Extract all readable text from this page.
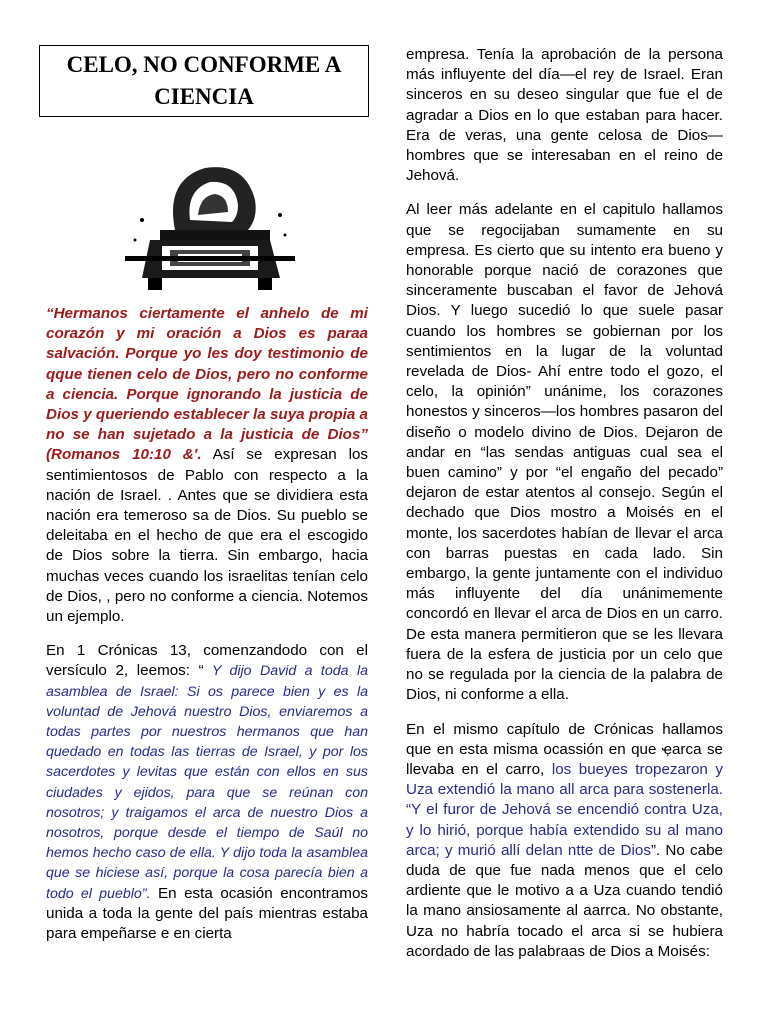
CELO, NO CONFORME A CIENCIA

“Hermanos ciertamente el anhelo de mi corazón y mi oración a Dios es paraa salvación. Porque yo les doy testimonio de qque tienen celo de Dios, pero no conforme a ciencia. Porque ignorando la justicia de Dios y queriendo establecer la suya propia a no se han sujetado a la justicia de Dios” (Romanos 10:10 &'. Así se expresan los sentimientosos de Pablo con respecto a la nación de Israel. . Antes que se dividiera esta nación era temeroso sa de Dios. Su pueblo se deleitaba en el hecho de que era el escogido de Dios sobre la tierra. Sin embargo, hacia muchas veces cuando los israelitas tenían celo de Dios, , pero no conforme a ciencia. Notemos un ejemplo.

En 1 Crónicas 13, comenzandodo con el versículo 2, leemos: “ Y dijo David a toda la asamblea de Israel: Si os parece bien y es la voluntad de Jehová nuestro Dios, enviaremos a todas partes por nuestros hermanos que han quedado en todas las tierras de Israel, y por los sacerdotes y levitas que están con ellos en sus ciudades y ejidos, para que se reúnan con nosotros; y traigamos el arca de nuestro Dios a nosotros, porque desde el tiempo de Saúl no hemos hecho caso de ella. Y dijo toda la asamblea que se hiciese así, porque la cosa parecía bien a todo el pueblo”. En esta ocasión encontramos unida a toda la gente del país mientras estaba para empeñarse e en cierta

empresa. Tenía la aprobación de la persona más influyente del día—el rey de Israel. Eran sinceros en su deseo singular que fue el de agradar a Dios en lo que estaban para hacer. Era de veras, una gente celosa de Dios—hombres que se interesaban en el reino de Jehová.

Al leer más adelante en el capitulo hallamos que se regocijaban sumamente en su empresa. Es cierto que su intento era bueno y honorable porque nació de corazones que sinceramente buscaban el favor de Jehová Dios. Y luego sucedió lo que suele pasar cuando los hombres se gobiernan por los sentimientos en la lugar de la voluntad revelada de Dios- Ahí entre todo el gozo, el celo, la opinión” unánime, los corazones honestos y sinceros—los hombres pasaron del diseño o modelo divino de Dios. Dejaron de andar en “las sendas antiguas cual sea el buen camino” y por “el engaño del pecado” dejaron de estar atentos al consejo. Según el dechado que Dios mostro a Moisés en el monte, los sacerdotes habían de llevar el arca con barras puestas en cada lado. Sin embargo, la gente juntamente con el individuo más influyente del día unánimemente concordó en llevar el arca de Dios en un carro. De esta manera permitieron que se les llevara fuera de la esfera de justicia por un celo que no se regulada por la ciencia de la palabra de Dios, ni conforme a ella.

En el mismo capítulo de Crónicas hallamos que en esta misma ocassión en que ҿarca se llevaba en el carro, los bueyes tropezaron y Uza extendió la mano all arca para sostenerla. “Y el furor de Jehová se encendió contra Uza, y lo hirió, porque había extendido su al mano arca; y murió allí delan ntte de Dios”. No cabe duda de que fue nada menos que el celo ardiente que le motivo a a Uza cuando tendió la mano ansiosamente al aarrca. No obstante, Uza no habría tocado el arca si se hubiera acordado de las palabraas de Dios a Moisés:
